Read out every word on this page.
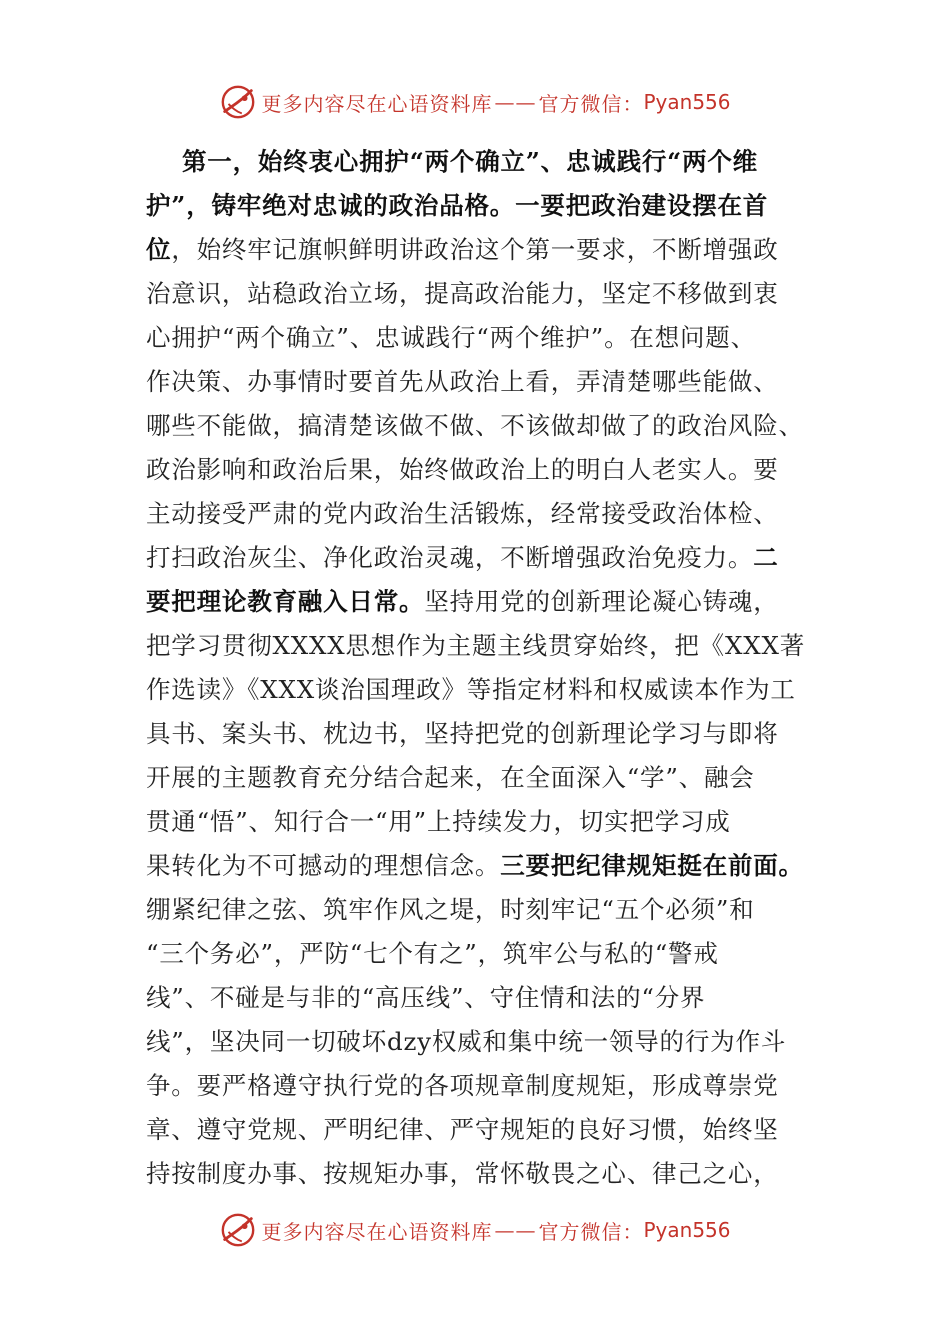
更多内容尽在心语资料库 —— 官方微信： Pyan556
第一，始终衷心拥护“两个确立”、忠诚践行“两个维
护”，铸牢绝对忠诚的政治品格。一要把政治建设摆在首
位，始终牢记旗帜鲜明讲政治这个第一要求，不断增强政
治意识，站稳政治立场，提高政治能力，坚定不移做到衷
心拥护“两个确立”、忠诚践行“两个维护”。在想问题、
作决策、办事情时要首先从政治上看，弄清楚哪些能做、
哪些不能做，搞清楚该做不做、不该做却做了的政治风险、
政治影响和政治后果，始终做政治上的明白人老实人。要
主动接受严肃的党内政治生活锻炼，经常接受政治体检、
打扫政治灰尘、净化政治灵魂，不断增强政治免疫力。二
要把理论教育融入日常。坚持用党的创新理论凝心铸魂，
把学习贯彻XXXX思想作为主题主线贯穿始终，把《XXX著
作选读》《XXX谈治国理政》等指定材料和权威读本作为工
具书、案头书、枕边书，坚持把党的创新理论学习与即将
开展的主题教育充分结合起来，在全面深入“学”、融会
贯通“悟”、知行合一“用”上持续发力，切实把学习成
果转化为不可撼动的理想信念。三要把纪律规矩挺在前面。
绷紧纪律之弦、筑牢作风之堤，时刻牢记“五个必须”和
“三个务必”，严防“七个有之”，筑牢公与私的“警戒
线”、不碰是与非的“高压线”、守住情和法的“分界
线”，坚决同一切破坏dzy权威和集中统一领导的行为作斗
争。要严格遵守执行党的各项规章制度规矩，形成尊崇党
章、遵守党规、严明纪律、严守规矩的良好习惯，始终坚
持按制度办事、按规矩办事，常怀敬畏之心、律己之心，
更多内容尽在心语资料库 —— 官方微信： Pyan556
